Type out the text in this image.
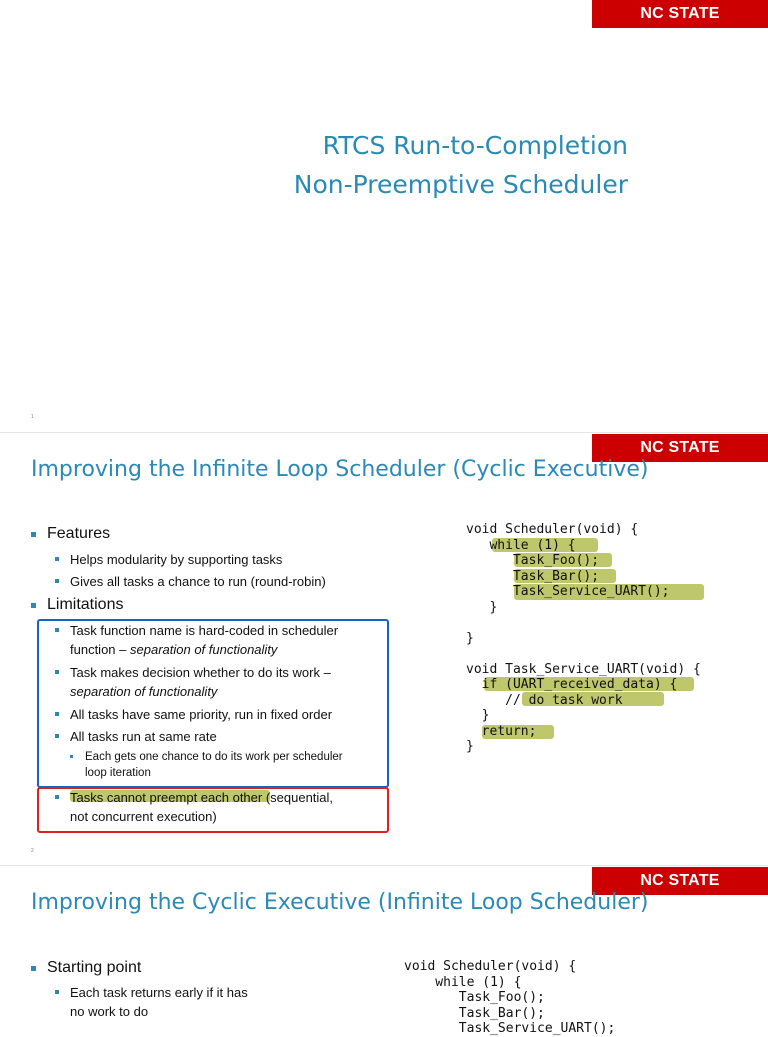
NC STATE UNIVERSITY
RTCS Run-to-Completion
Non-Preemptive Scheduler
1
NC STATE UNIVERSITY
Improving the Infinite Loop Scheduler (Cyclic Executive)
Features
Helps modularity by supporting tasks
Gives all tasks a chance to run (round-robin)
Limitations
Task function name is hard-coded in scheduler
function – separation of functionality
Task makes decision whether to do its work –
separation of functionality
All tasks have same priority, run in fixed order
All tasks run at same rate
Each gets one chance to do its work per scheduler
loop iteration
Tasks cannot preempt each other (sequential,
not concurrent execution)
void Scheduler(void) {
while (1) {
Task_Foo();
Task_Bar();
Task_Service_UART();
}

}

void Task_Service_UART(void) {
if (UART_received_data) {
// do task work
}
return;
}
2
NC STATE UNIVERSITY
Improving the Cyclic Executive (Infinite Loop Scheduler)
Starting point
Each task returns early if it has
no work to do
void Scheduler(void) {
while (1) {
Task_Foo();
Task_Bar();
Task_Service_UART();
